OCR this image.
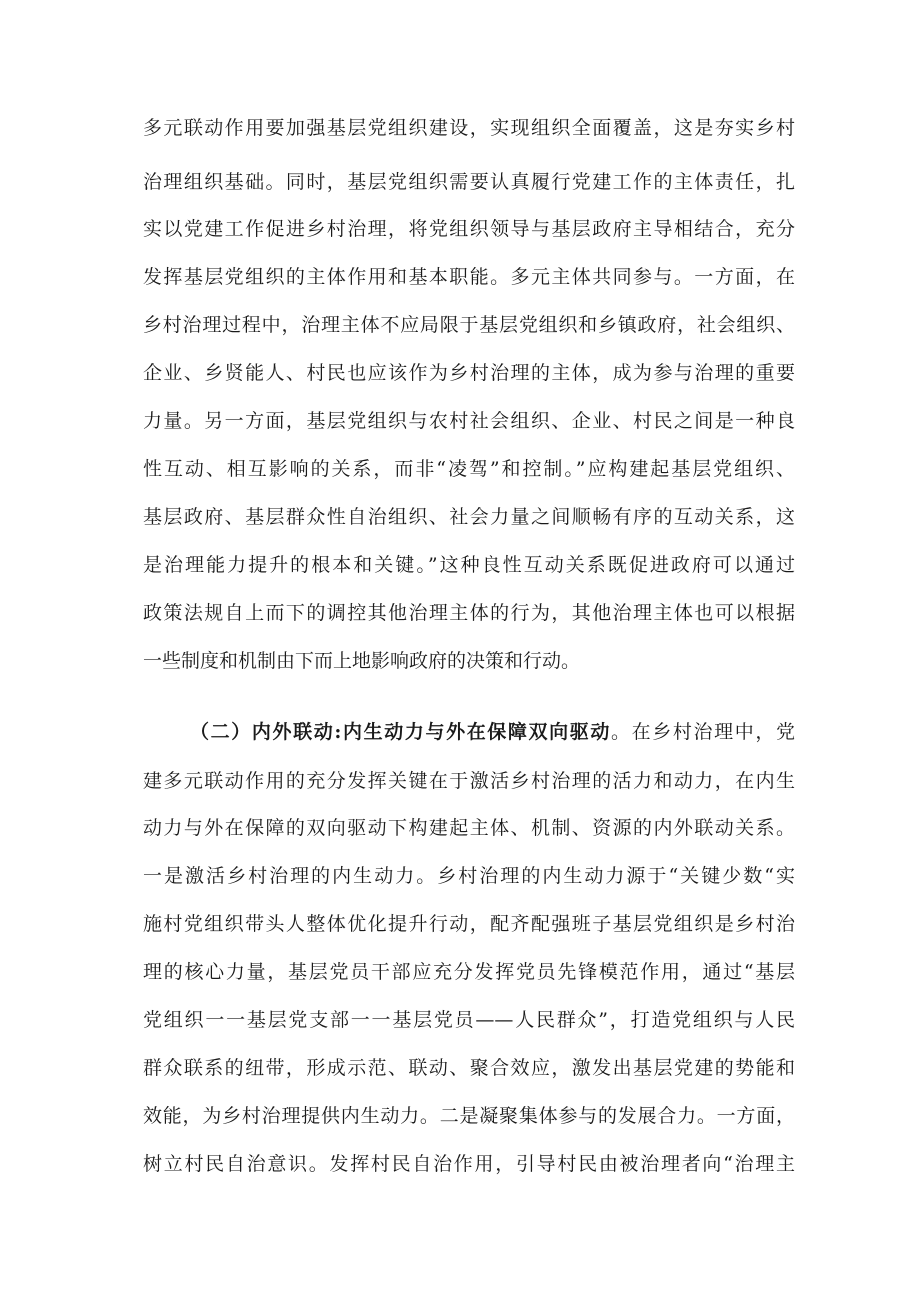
多元联动作用要加强基层党组织建设，实现组织全面覆盖，这是夯实乡村

治理组织基础。同时，基层党组织需要认真履行党建工作的主体责任，扎

实以党建工作促进乡村治理，将党组织领导与基层政府主导相结合，充分

发挥基层党组织的主体作用和基本职能。多元主体共同参与。一方面，在

乡村治理过程中，治理主体不应局限于基层党组织和乡镇政府，社会组织、

企业、乡贤能人、村民也应该作为乡村治理的主体，成为参与治理的重要

力量。另一方面，基层党组织与农村社会组织、企业、村民之间是一种良

性互动、相互影响的关系，而非“凌驾”和控制。”应构建起基层党组织、

基层政府、基层群众性自治组织、社会力量之间顺畅有序的互动关系，这

是治理能力提升的根本和关键。”这种良性互动关系既促进政府可以通过

政策法规自上而下的调控其他治理主体的行为，其他治理主体也可以根据

一些制度和机制由下而上地影响政府的决策和行动。

（二）内外联动:内生动力与外在保障双向驱动。在乡村治理中，党

建多元联动作用的充分发挥关键在于激活乡村治理的活力和动力，在内生

动力与外在保障的双向驱动下构建起主体、机制、资源的内外联动关系。

一是激活乡村治理的内生动力。乡村治理的内生动力源于“关键少数“实

施村党组织带头人整体优化提升行动，配齐配强班子基层党组织是乡村治

理的核心力量，基层党员干部应充分发挥党员先锋模范作用，通过“基层

党组织一一基层党支部一一基层党员——人民群众”，打造党组织与人民

群众联系的纽带，形成示范、联动、聚合效应，激发出基层党建的势能和

效能，为乡村治理提供内生动力。二是凝聚集体参与的发展合力。一方面，

树立村民自治意识。发挥村民自治作用，引导村民由被治理者向“治理主
